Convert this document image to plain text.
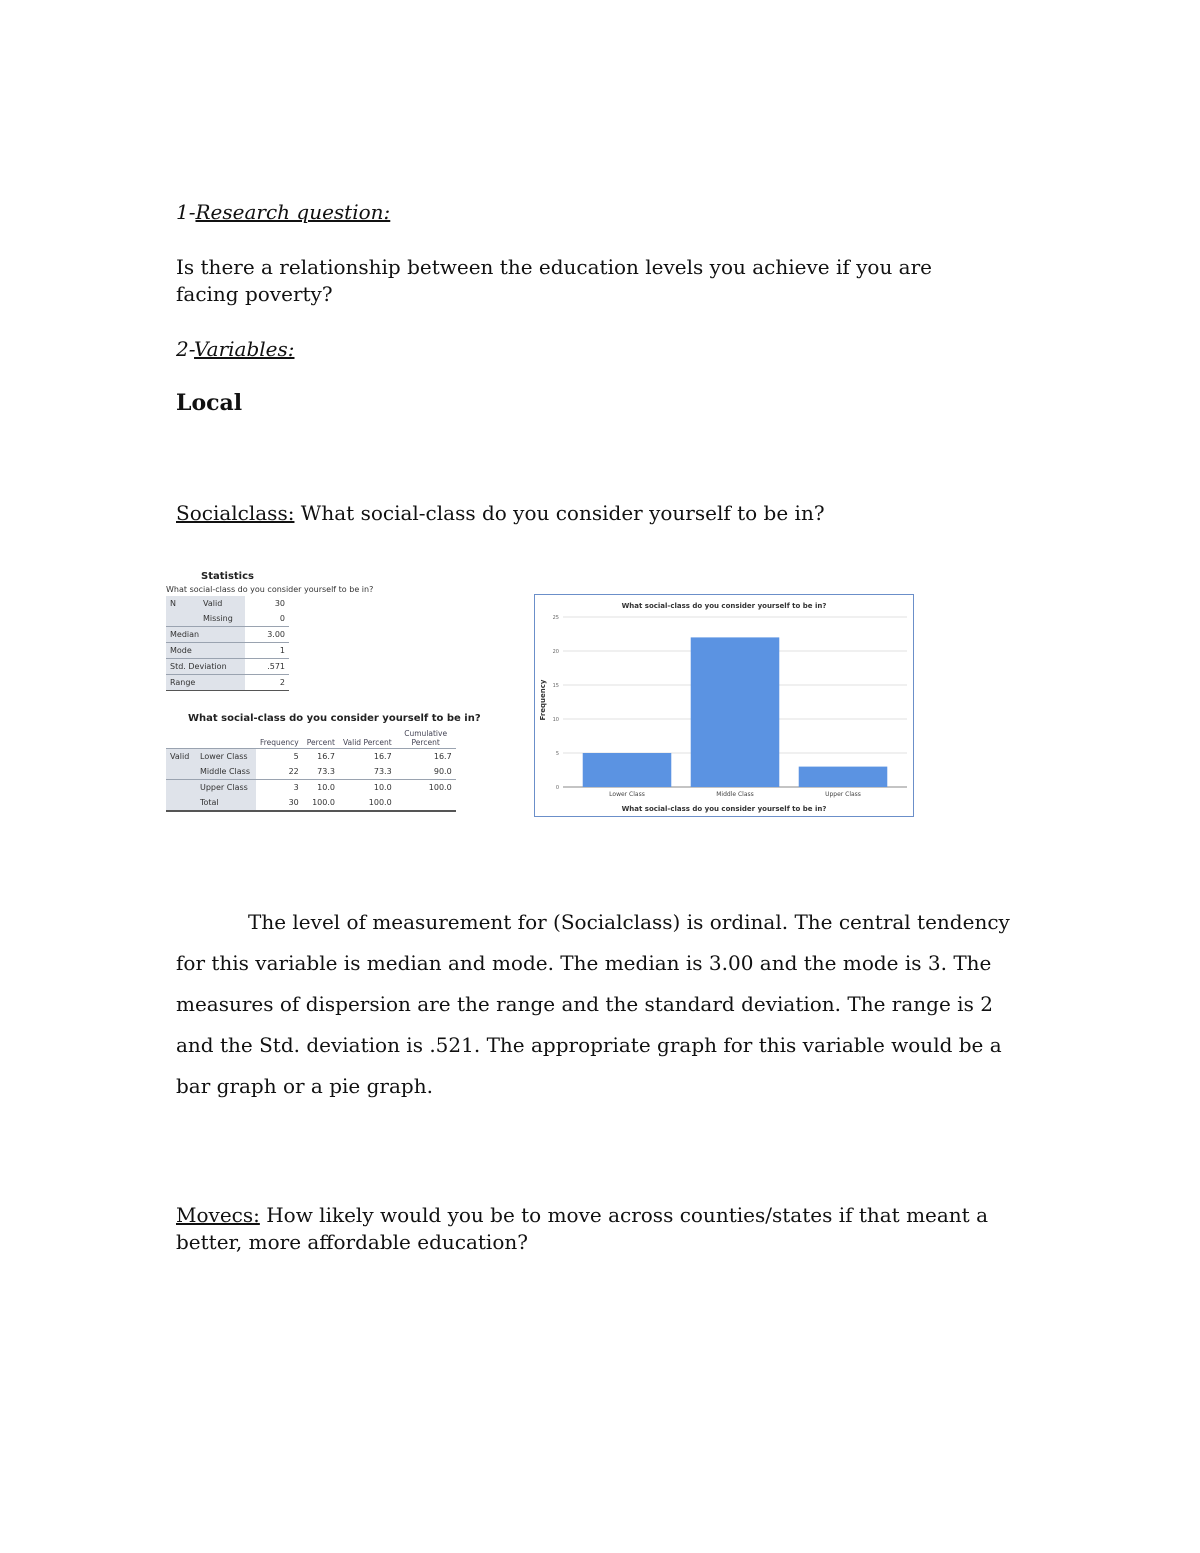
1-Research question:

Is there a relationship between the education levels you achieve if you are facing poverty?

2-Variables:

Local

Socialclass: What social-class do you consider yourself to be in?

Statistics
What social-class do you consider yourself to be in?
N	Valid	30
	Missing	0
Median		3.00
Mode		1
Std. Deviation		.571
Range		2
What social-class do you consider yourself to be in?
		Frequency	Percent	Valid Percent	Cumulative Percent
Valid	Lower Class	5	16.7	16.7	16.7
	Middle Class	22	73.3	73.3	90.0
	Upper Class	3	10.0	10.0	100.0
	Total	30	100.0	100.0	
What social-class do you consider yourself to be in?
What social-class do you consider yourself to be in?
Frequency
0
5
10
15
20
25
Lower Class	Middle Class	Upper Class

The level of measurement for (Socialclass) is ordinal. The central tendency for this variable is median and mode. The median is 3.00 and the mode is 3. The measures of dispersion are the range and the standard deviation. The range is 2 and the Std. deviation is .521. The appropriate graph for this variable would be a bar graph or a pie graph.

Movecs: How likely would you be to move across counties/states if that meant a better, more affordable education?
